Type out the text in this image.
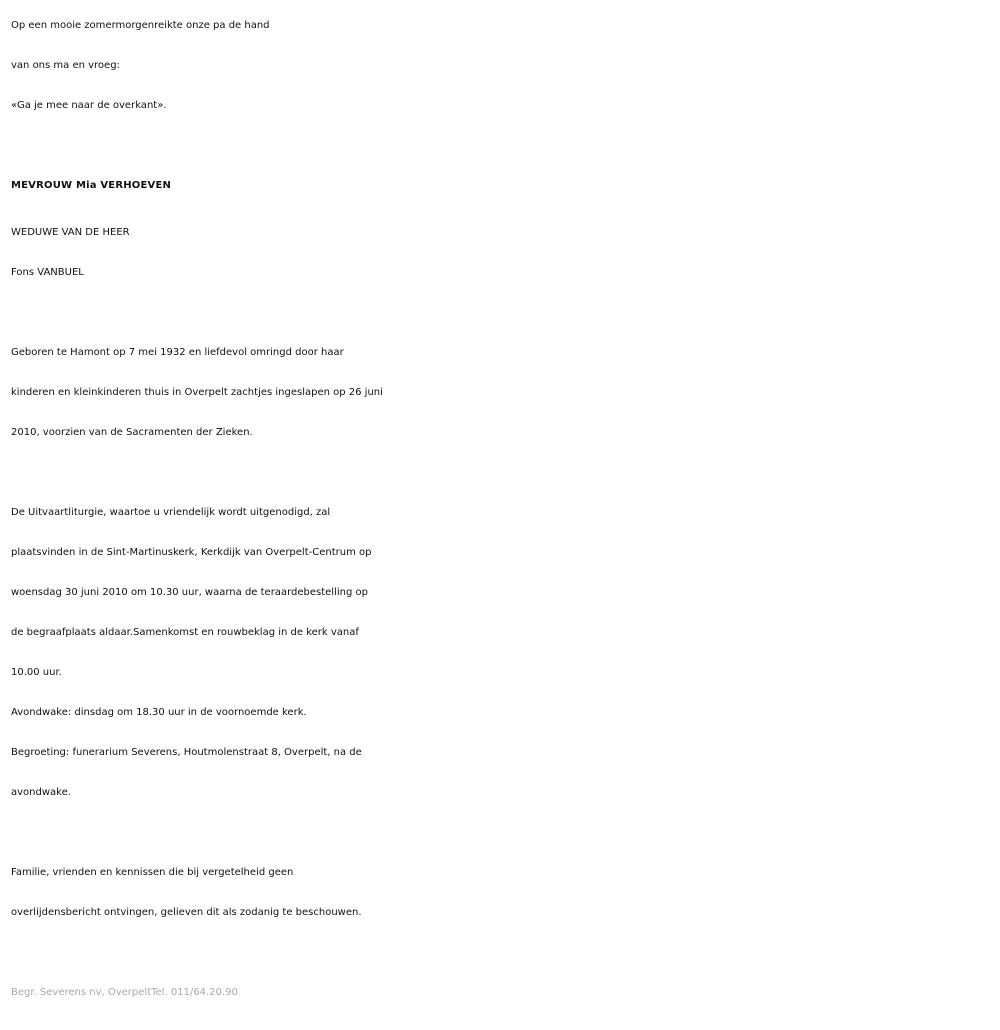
Op een mooie zomermorgenreikte onze pa de hand

van ons ma en vroeg:

«Ga je mee naar de overkant».

MEVROUW Mia VERHOEVEN

WEDUWE VAN DE HEER

Fons VANBUEL

Geboren te Hamont op 7 mei 1932 en liefdevol omringd door haar

kinderen en kleinkinderen thuis in Overpelt zachtjes ingeslapen op 26 juni

2010, voorzien van de Sacramenten der Zieken.

De Uitvaartliturgie, waartoe u vriendelijk wordt uitgenodigd, zal

plaatsvinden in de Sint-Martinuskerk, Kerkdijk van Overpelt-Centrum op

woensdag 30 juni 2010 om 10.30 uur, waarna de teraardebestelling op

de begraafplaats aldaar.Samenkomst en rouwbeklag in de kerk vanaf

10.00 uur.

Avondwake: dinsdag om 18.30 uur in de voornoemde kerk.

Begroeting: funerarium Severens, Houtmolenstraat 8, Overpelt, na de

avondwake.

Familie, vrienden en kennissen die bij vergetelheid geen

overlijdensbericht ontvingen, gelieven dit als zodanig te beschouwen.

Begr. Severens nv, OverpeltTel. 011/64.20.90
